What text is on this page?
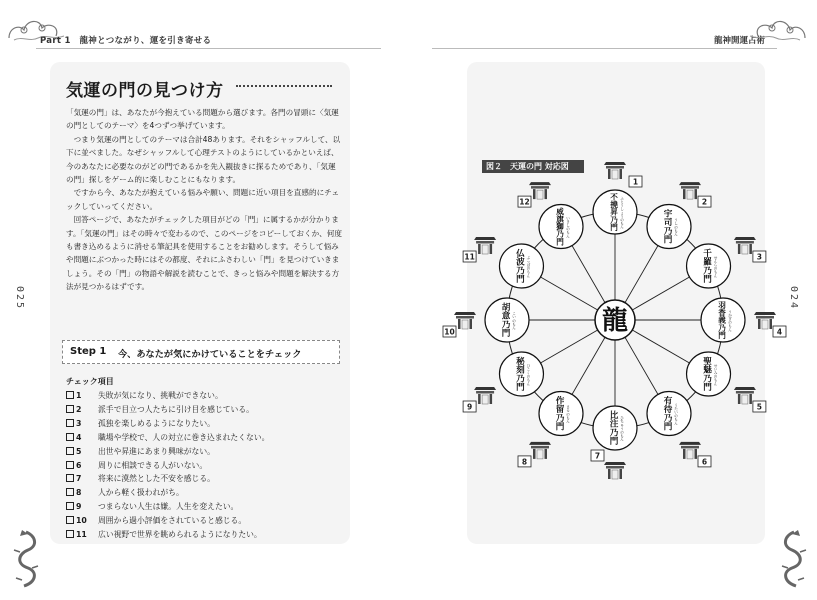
Part 1　龍神とつながり、運を引き寄せる	龍神開運占術
025	024
気運の門の見つけ方

「気運の門」は、あなたが今抱えている問題から選びます。各門の冒頭に〈気運の門としてのテーマ〉を4つずつ挙げています。

つまり気運の門としてのテーマは合計48あります。それをシャッフルして、以下に並べました。なぜシャッフルして心理テストのようにしているかといえば、今のあなたに必要なのがどの門であるかを先入観抜きに探るためであり、「気運の門」探しをゲーム的に楽しむことにもなります。

ですから今、あなたが抱えている悩みや願い、問題に近い項目を直感的にチェックしていってください。

回答ページで、あなたがチェックした項目がどの「門」に属するかが分かります。「気運の門」はその時々で変わるので、このページをコピーしておくか、何度も書き込めるように消せる筆記具を使用することをお勧めします。そうして悩みや問題にぶつかった時にはその都度、それにふさわしい「門」を見つけていきましょう。その「門」の物語や解説を読むことで、きっと悩みや問題を解決する方法が見つかるはずです。

Step 1 今、あなたが気にかけていることをチェック
チェック項目
1 失敗が気になり、挑戦ができない。
2 派手で目立つ人たちに引け目を感じている。
3 孤独を楽しめるようになりたい。
4 職場や学校で、人の対立に巻き込まれたくない。
5 出世や昇進にあまり興味がない。
6 周りに相談できる人がいない。
7 将来に漠然とした不安を感じる。
8 人から軽く扱われがち。
9 つまらない人生は嫌。人生を変えたい。
10 周囲から過小評価をされていると感じる。
11 広い視野で世界を眺められるようになりたい。
図２　天運の門 対応図
龍
不撓昇乃門
ふとうしょうのもん
1
宇司乃門
うしのもん
2
千羅乃門
せんらのもん
3
羽香義乃門
うかぎのもん	4
聖魅乃門
せいみのもん
5
有待乃門
うたいのもん
6
比注乃門
ひちゅうのもん
7
作留乃門
さるのもん
8
秘刻乃門
ひこくのもん
9
胡意乃門
こいのもん
10
仏波乃門
ぶっぱのもん
11
威旗獅乃門
いきしのもん
12
